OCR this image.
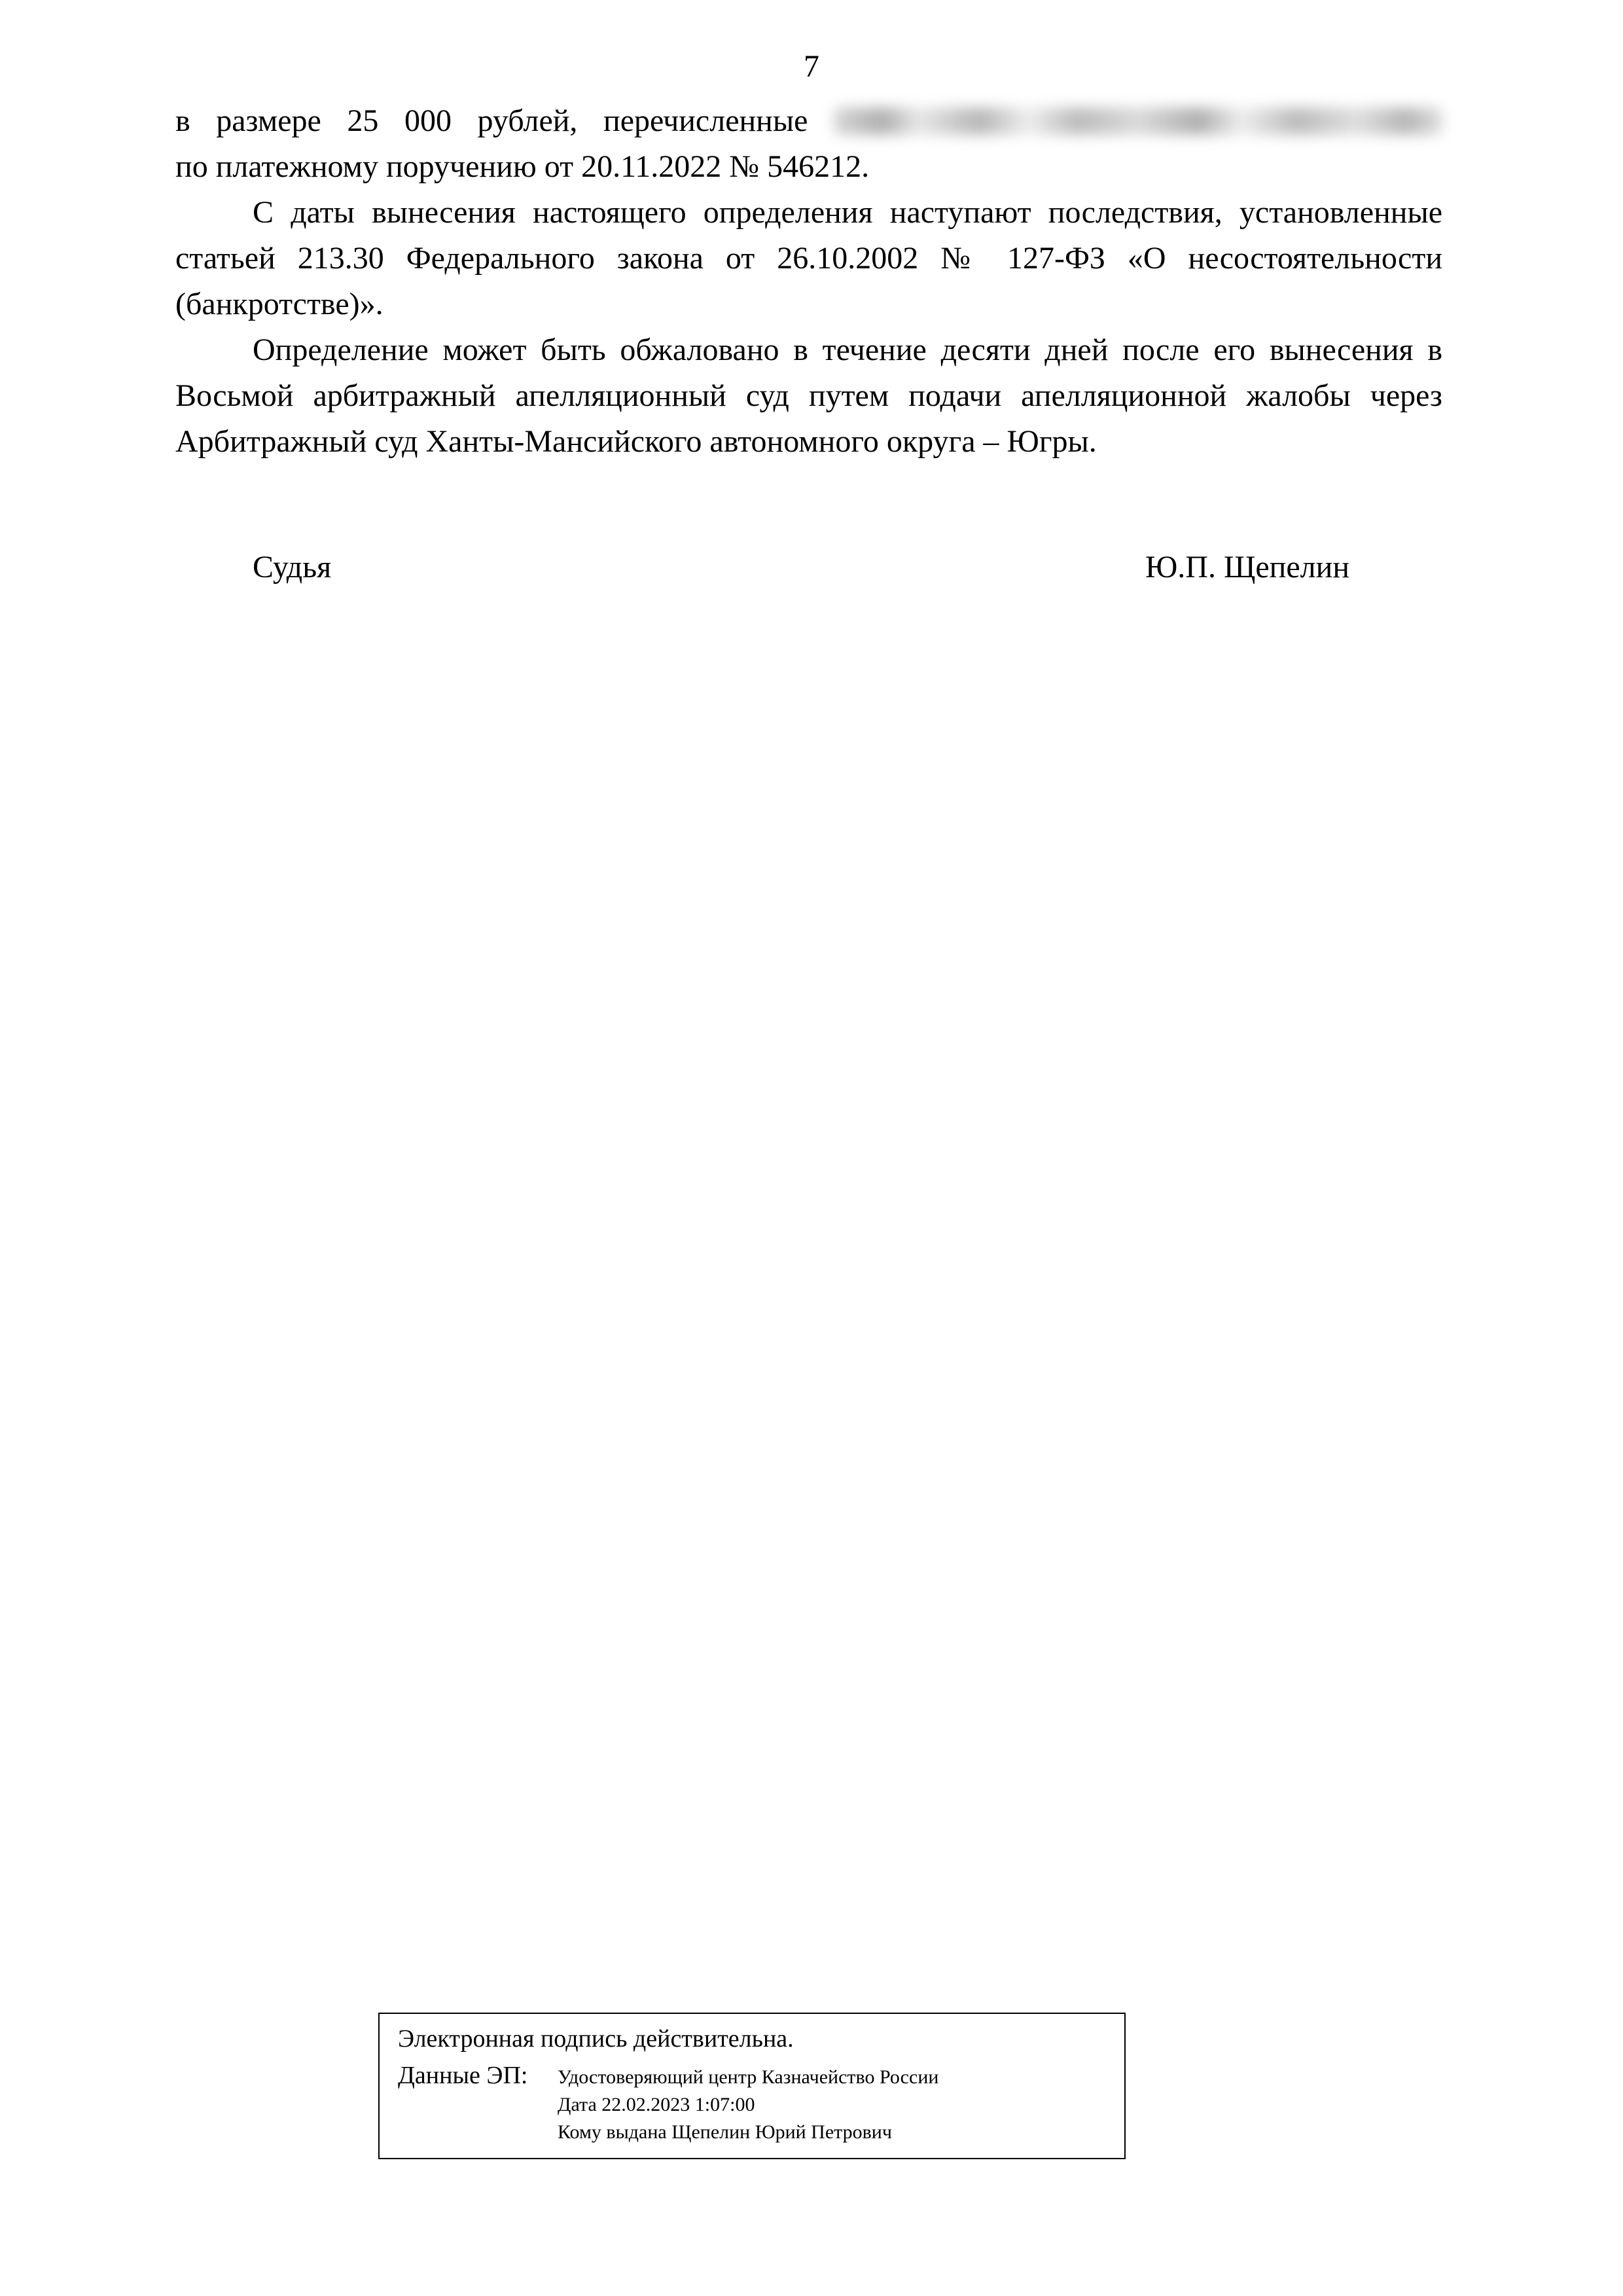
7

в размере 25 000 рублей, перечисленные

по платежному поручению от 20.11.2022 № 546212.

С даты вынесения настоящего определения наступают последствия, установленные статьей 213.30 Федерального закона от 26.10.2002 № 127-ФЗ «О несостоятельности (банкротстве)».

Определение может быть обжаловано в течение десяти дней после его вынесения в Восьмой арбитражный апелляционный суд путем подачи апелляционной жалобы через Арбитражный суд Ханты-Мансийского автономного округа – Югры.

Судья	Ю.П. Щепелин
Электронная подпись действительна.
Данные ЭП: Удостоверяющий центр Казначейство России
Дата 22.02.2023 1:07:00
Кому выдана Щепелин Юрий Петрович
